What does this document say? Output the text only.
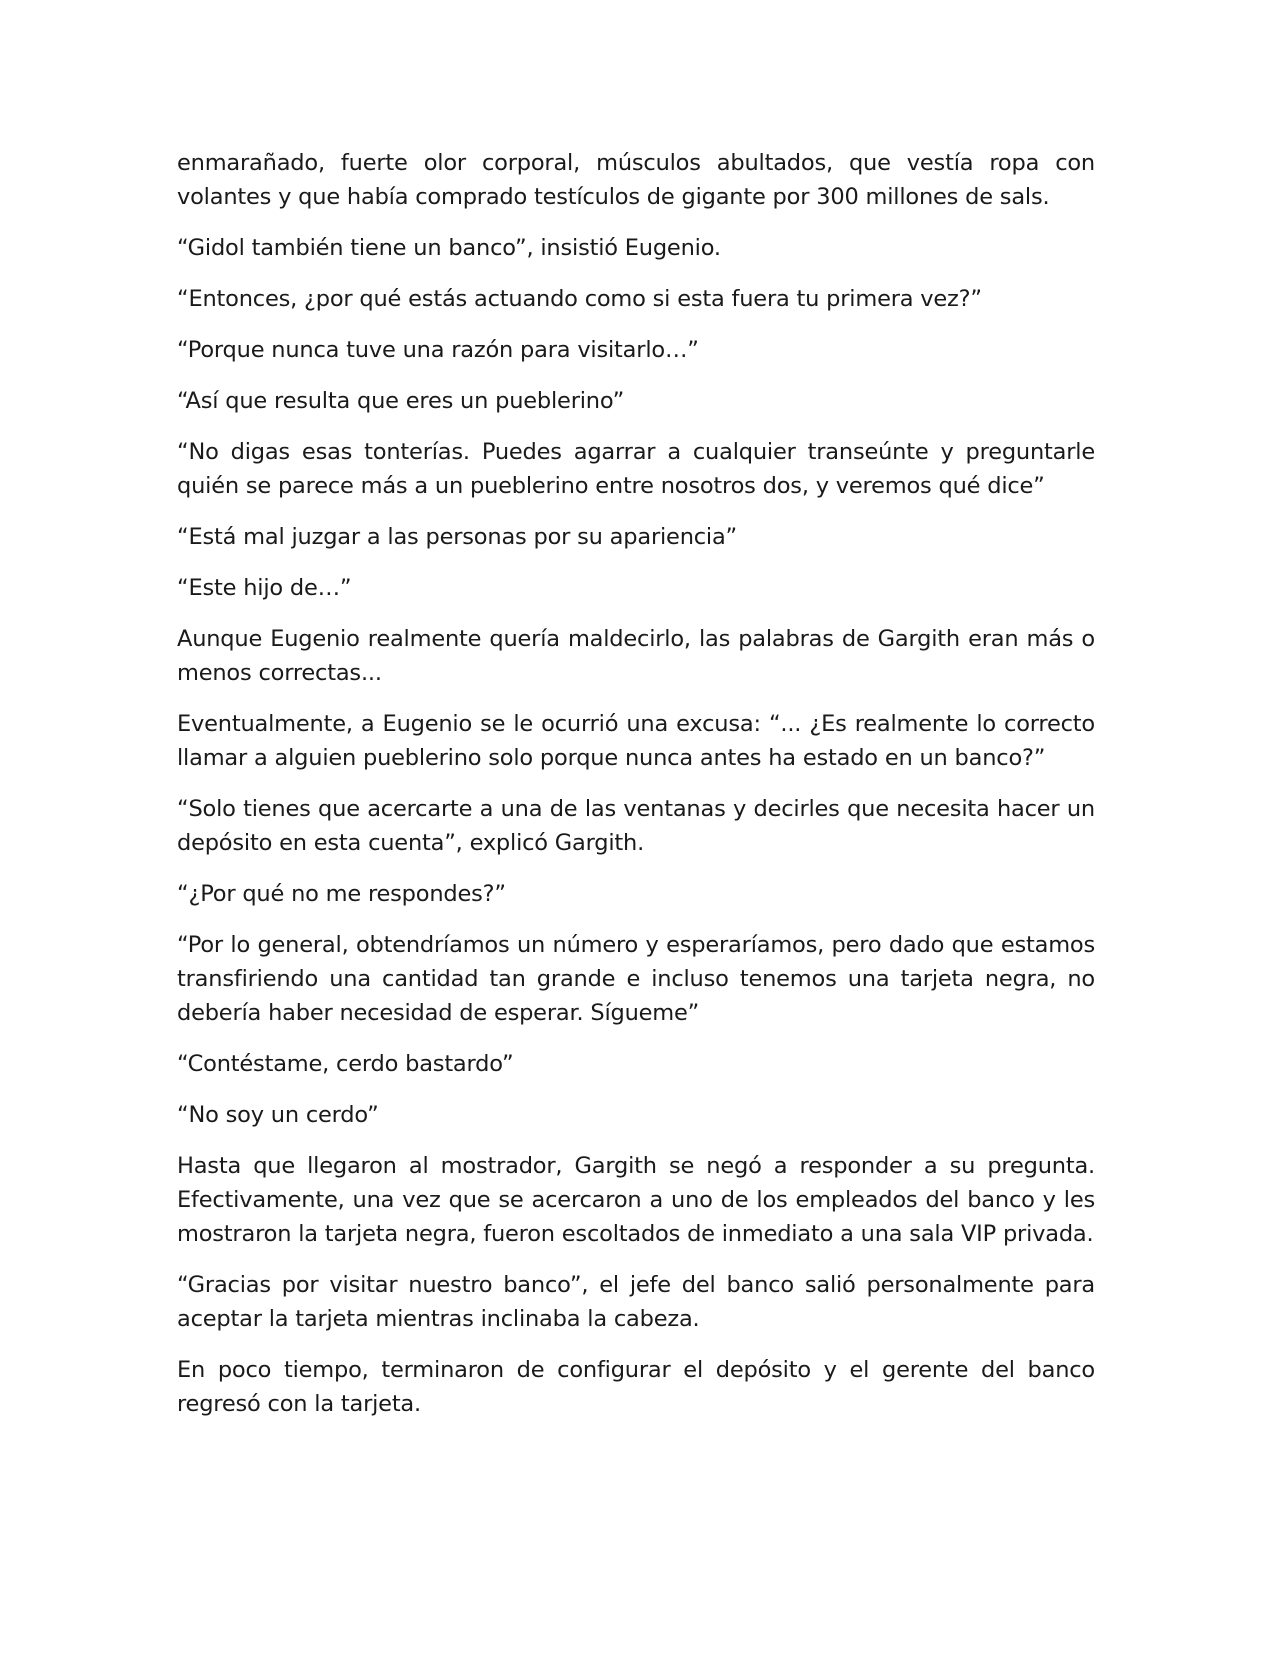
enmarañado, fuerte olor corporal, músculos abultados, que vestía ropa con volantes y que había comprado testículos de gigante por 300 millones de sals.

“Gidol también tiene un banco”, insistió Eugenio.

“Entonces, ¿por qué estás actuando como si esta fuera tu primera vez?”

“Porque nunca tuve una razón para visitarlo…”

“Así que resulta que eres un pueblerino”

“No digas esas tonterías. Puedes agarrar a cualquier transeúnte y preguntarle quién se parece más a un pueblerino entre nosotros dos, y veremos qué dice”

“Está mal juzgar a las personas por su apariencia”

“Este hijo de…”

Aunque Eugenio realmente quería maldecirlo, las palabras de Gargith eran más o menos correctas...

Eventualmente, a Eugenio se le ocurrió una excusa: “... ¿Es realmente lo correcto llamar a alguien pueblerino solo porque nunca antes ha estado en un banco?”

“Solo tienes que acercarte a una de las ventanas y decirles que necesita hacer un depósito en esta cuenta”, explicó Gargith.

“¿Por qué no me respondes?”

“Por lo general, obtendríamos un número y esperaríamos, pero dado que estamos transfiriendo una cantidad tan grande e incluso tenemos una tarjeta negra, no debería haber necesidad de esperar. Sígueme”

“Contéstame, cerdo bastardo”

“No soy un cerdo”

Hasta que llegaron al mostrador, Gargith se negó a responder a su pregunta. Efectivamente, una vez que se acercaron a uno de los empleados del banco y les mostraron la tarjeta negra, fueron escoltados de inmediato a una sala VIP privada.

“Gracias por visitar nuestro banco”, el jefe del banco salió personalmente para aceptar la tarjeta mientras inclinaba la cabeza.

En poco tiempo, terminaron de configurar el depósito y el gerente del banco regresó con la tarjeta.
